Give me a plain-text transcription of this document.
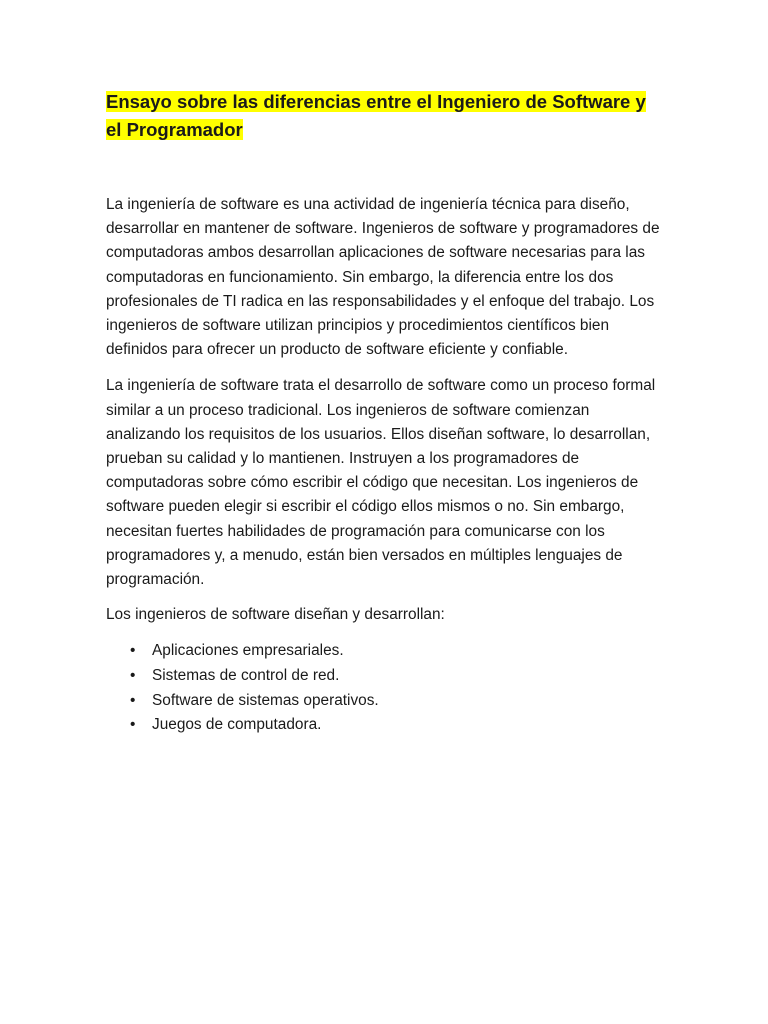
Ensayo sobre las diferencias entre el Ingeniero de Software y el Programador

La ingeniería de software es una actividad de ingeniería técnica para diseño, desarrollar en mantener de software. Ingenieros de software y programadores de computadoras ambos desarrollan aplicaciones de software necesarias para las computadoras en funcionamiento. Sin embargo, la diferencia entre los dos profesionales de TI radica en las responsabilidades y el enfoque del trabajo. Los ingenieros de software utilizan principios y procedimientos científicos bien definidos para ofrecer un producto de software eficiente y confiable.

La ingeniería de software trata el desarrollo de software como un proceso formal similar a un proceso tradicional. Los ingenieros de software comienzan analizando los requisitos de los usuarios. Ellos diseñan software, lo desarrollan, prueban su calidad y lo mantienen. Instruyen a los programadores de computadoras sobre cómo escribir el código que necesitan. Los ingenieros de software pueden elegir si escribir el código ellos mismos o no. Sin embargo, necesitan fuertes habilidades de programación para comunicarse con los programadores y, a menudo, están bien versados en múltiples lenguajes de programación.

Los ingenieros de software diseñan y desarrollan:

• Aplicaciones empresariales.
• Sistemas de control de red.
• Software de sistemas operativos.
• Juegos de computadora.
